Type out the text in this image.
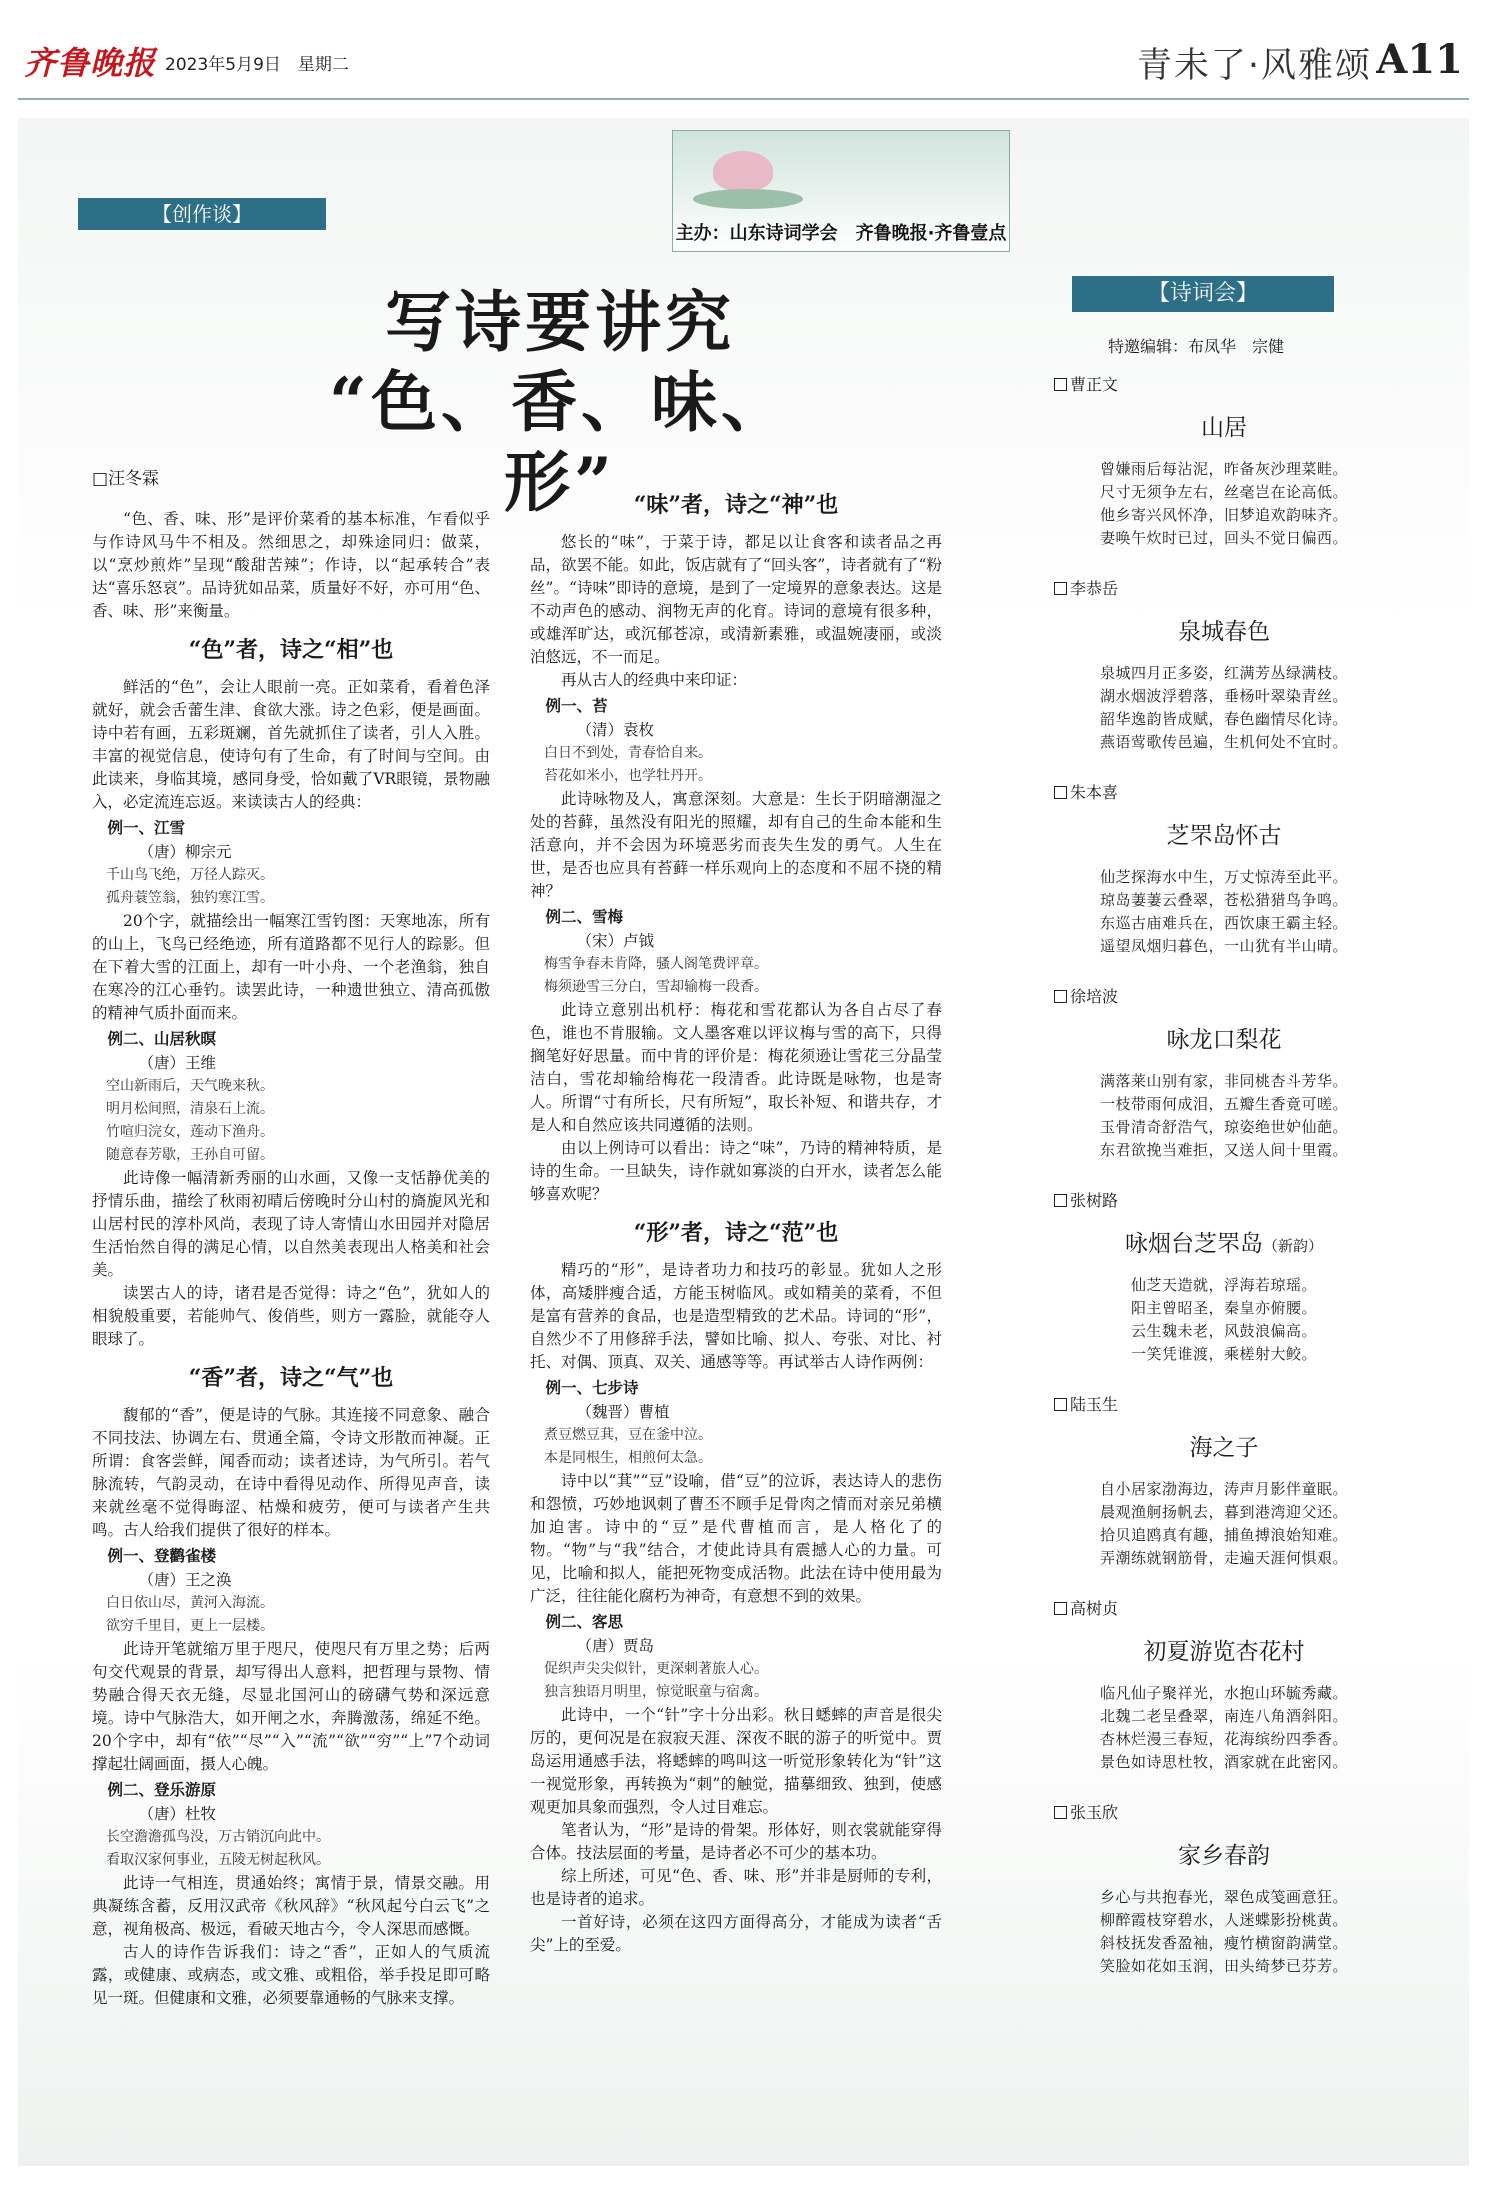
齐鲁晚报 2023年5月9日　星期二	青未了·风雅颂 A11
主办：山东诗词学会　齐鲁晚报·齐鲁壹点
【创作谈】
写诗要讲究
“色、香、味、形”
□汪冬霖

“色、香、味、形”是评价菜肴的基本标准，乍看似乎与作诗风马牛不相及。然细思之，却殊途同归：做菜，以“烹炒煎炸”呈现“酸甜苦辣”；作诗，以“起承转合”表达“喜乐怒哀”。品诗犹如品菜，质量好不好，亦可用“色、香、味、形”来衡量。

“色”者，诗之“相”也

鲜活的“色”，会让人眼前一亮。正如菜肴，看着色泽就好，就会舌蕾生津、食欲大涨。诗之色彩，便是画面。诗中若有画，五彩斑斓，首先就抓住了读者，引人入胜。丰富的视觉信息，使诗句有了生命，有了时间与空间。由此读来，身临其境，感同身受，恰如戴了VR眼镜，景物融入，必定流连忘返。来读读古人的经典：

例一、江雪

（唐）柳宗元

千山鸟飞绝，万径人踪灭。

孤舟蓑笠翁，独钓寒江雪。

20个字，就描绘出一幅寒江雪钓图：天寒地冻，所有的山上，飞鸟已经绝迹，所有道路都不见行人的踪影。但在下着大雪的江面上，却有一叶小舟、一个老渔翁，独自在寒冷的江心垂钓。读罢此诗，一种遗世独立、清高孤傲的精神气质扑面而来。

例二、山居秋暝

（唐）王维

空山新雨后，天气晚来秋。

明月松间照，清泉石上流。

竹喧归浣女，莲动下渔舟。

随意春芳歇，王孙自可留。

此诗像一幅清新秀丽的山水画，又像一支恬静优美的抒情乐曲，描绘了秋雨初晴后傍晚时分山村的旖旎风光和山居村民的淳朴风尚，表现了诗人寄情山水田园并对隐居生活怡然自得的满足心情，以自然美表现出人格美和社会美。

读罢古人的诗，诸君是否觉得：诗之“色”，犹如人的相貌般重要，若能帅气、俊俏些，则方一露脸，就能夺人眼球了。

“香”者，诗之“气”也

馥郁的“香”，便是诗的气脉。其连接不同意象、融合不同技法、协调左右、贯通全篇，令诗文形散而神凝。正所谓：食客尝鲜，闻香而动；读者述诗，为气所引。若气脉流转，气韵灵动，在诗中看得见动作、所得见声音，读来就丝毫不觉得晦涩、枯燥和疲劳，便可与读者产生共鸣。古人给我们提供了很好的样本。

例一、登鹳雀楼

（唐）王之涣

白日依山尽，黄河入海流。

欲穷千里目，更上一层楼。

此诗开笔就缩万里于咫尺，使咫尺有万里之势；后两句交代观景的背景，却写得出人意料，把哲理与景物、情势融合得天衣无缝，尽显北国河山的磅礴气势和深远意境。诗中气脉浩大，如开闸之水，奔腾激荡，绵延不绝。20个字中，却有“依”“尽”“入”“流”“欲”“穷”“上”7个动词撑起壮阔画面，摄人心魄。

例二、登乐游原

（唐）杜牧

长空澹澹孤鸟没，万古销沉向此中。

看取汉家何事业，五陵无树起秋风。

此诗一气相连，贯通始终；寓情于景，情景交融。用典凝练含蓄，反用汉武帝《秋风辞》“秋风起兮白云飞”之意，视角极高、极远，看破天地古今，令人深思而感慨。

古人的诗作告诉我们：诗之“香”，正如人的气质流露，或健康、或病态，或文雅、或粗俗，举手投足即可略见一斑。但健康和文雅，必须要靠通畅的气脉来支撑。

“味”者，诗之“神”也

悠长的“味”，于菜于诗，都足以让食客和读者品之再品，欲罢不能。如此，饭店就有了“回头客”，诗者就有了“粉丝”。“诗味”即诗的意境，是到了一定境界的意象表达。这是不动声色的感动、润物无声的化育。诗词的意境有很多种，或雄浑旷达，或沉郁苍凉，或清新素雅，或温婉凄丽，或淡泊悠远，不一而足。

再从古人的经典中来印证：

例一、苔

（清）袁枚

白日不到处，青春恰自来。

苔花如米小，也学牡丹开。

此诗咏物及人，寓意深刻。大意是：生长于阴暗潮湿之处的苔藓，虽然没有阳光的照耀，却有自己的生命本能和生活意向，并不会因为环境恶劣而丧失生发的勇气。人生在世，是否也应具有苔藓一样乐观向上的态度和不屈不挠的精神？

例二、雪梅

（宋）卢钺

梅雪争春未肯降，骚人阁笔费评章。

梅须逊雪三分白，雪却输梅一段香。

此诗立意别出机杼：梅花和雪花都认为各自占尽了春色，谁也不肯服输。文人墨客难以评议梅与雪的高下，只得搁笔好好思量。而中肯的评价是：梅花须逊让雪花三分晶莹洁白，雪花却输给梅花一段清香。此诗既是咏物，也是寄人。所谓“寸有所长，尺有所短”，取长补短、和谐共存，才是人和自然应该共同遵循的法则。

由以上例诗可以看出：诗之“味”，乃诗的精神特质，是诗的生命。一旦缺失，诗作就如寡淡的白开水，读者怎么能够喜欢呢？

“形”者，诗之“范”也

精巧的“形”，是诗者功力和技巧的彰显。犹如人之形体，高矮胖瘦合适，方能玉树临风。或如精美的菜肴，不但是富有营养的食品，也是造型精致的艺术品。诗词的“形”，自然少不了用修辞手法，譬如比喻、拟人、夸张、对比、衬托、对偶、顶真、双关、通感等等。再试举古人诗作两例：

例一、七步诗

（魏晋）曹植

煮豆燃豆萁，豆在釜中泣。

本是同根生，相煎何太急。

诗中以“萁”“豆”设喻，借“豆”的泣诉，表达诗人的悲伤和怨愤，巧妙地讽刺了曹丕不顾手足骨肉之情而对亲兄弟横加迫害。诗中的“豆”是代曹植而言，是人格化了的物。“物”与“我”结合，才使此诗具有震撼人心的力量。可见，比喻和拟人，能把死物变成活物。此法在诗中使用最为广泛，往往能化腐朽为神奇，有意想不到的效果。

例二、客思

（唐）贾岛

促织声尖尖似针，更深刺著旅人心。

独言独语月明里，惊觉眠童与宿禽。

此诗中，一个“针”字十分出彩。秋日蟋蟀的声音是很尖厉的，更何况是在寂寂天涯、深夜不眠的游子的听觉中。贾岛运用通感手法，将蟋蟀的鸣叫这一听觉形象转化为“针”这一视觉形象，再转换为“刺”的触觉，描摹细致、独到，使感观更加具象而强烈，令人过目难忘。

笔者认为，“形”是诗的骨架。形体好，则衣裳就能穿得合体。技法层面的考量，是诗者必不可少的基本功。

综上所述，可见“色、香、味、形”并非是厨师的专利，也是诗者的追求。

一首好诗，必须在这四方面得高分，才能成为读者“舌尖”上的至爱。

【诗词会】
特邀编辑：布凤华　宗健
曹正文
山居
曾嫌雨后每沾泥，昨备灰沙理菜畦。
尺寸无须争左右，丝毫岂在论高低。
他乡寄兴风怀净，旧梦追欢韵味齐。
妻唤午炊时已过，回头不觉日偏西。
李恭岳
泉城春色
泉城四月正多姿，红满芳丛绿满枝。
湖水烟波浮碧落，垂杨叶翠染青丝。
韶华逸韵皆成赋，春色幽情尽化诗。
燕语莺歌传邑遍，生机何处不宜时。
朱本喜
芝罘岛怀古
仙芝探海水中生，万丈惊涛至此平。
琼岛萋萋云叠翠，苍松猎猎鸟争鸣。
东巡古庙难兵在，西饮康王霸主轻。
遥望凤烟归暮色，一山犹有半山晴。
徐培波
咏龙口梨花
满落莱山别有家，非同桃杏斗芳华。
一枝带雨何成泪，五瓣生香竟可嗟。
玉骨清奇舒浩气，琼姿绝世妒仙葩。
东君欲挽当难拒，又送人间十里霞。
张树路
咏烟台芝罘岛（新韵）
仙芝天造就，浮海若琼瑶。
阳主曾昭圣，秦皇亦俯腰。
云生魏未老，风鼓浪偏高。
一笑凭谁渡，乘槎射大鲛。
陆玉生
海之子
自小居家渤海边，涛声月影伴童眠。
晨观渔舸扬帆去，暮到港湾迎父还。
拾贝追鸥真有趣，捕鱼搏浪始知难。
弄潮练就钢筋骨，走遍天涯何惧艰。
高树贞
初夏游览杏花村
临凡仙子聚祥光，水抱山环毓秀藏。
北魏二老呈叠翠，南连八角酒斜阳。
杏林烂漫三春短，花海缤纷四季香。
景色如诗思杜牧，酒家就在此密冈。
张玉欣
家乡春韵
乡心与共抱春光，翠色成笺画意狂。
柳醉霞枝穿碧水，人迷蝶影扮桃黄。
斜枝抚发香盈袖，瘦竹横窗韵满堂。
笑脸如花如玉润，田头绮梦已芬芳。
